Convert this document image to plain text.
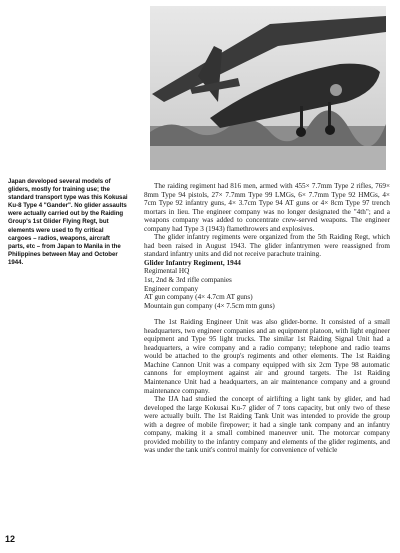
Japan developed several models of gliders, mostly for training use; the standard transport type was this Kokusai Ku-8 Type 4 "Gander". No glider assaults were actually carried out by the Raiding Group's 1st Glider Flying Regt, but elements were used to fly critical cargoes – radios, weapons, aircraft parts, etc – from Japan to Manila in the Philippines between May and October 1944.

The raiding regiment had 816 men, armed with 455× 7.7mm Type 2 rifles, 769× 8mm Type 94 pistols, 27× 7.7mm Type 99 LMGs, 6× 7.7mm Type 92 HMGs, 4× 7cm Type 92 infantry guns, 4× 3.7cm Type 94 AT guns or 4× 8cm Type 97 trench mortars in lieu. The engineer company was no longer designated the "4th"; and a weapons company was added to concentrate crew-served weapons. The engineer company had Type 3 (1943) flamethrowers and explosives.

The glider infantry regiments were organized from the 5th Raiding Regt, which had been raised in August 1943. The glider infantrymen were reassigned from standard infantry units and did not receive parachute training.

Glider Infantry Regiment, 1944
Regimental HQ
1st, 2nd & 3rd rifle companies
Engineer company
AT gun company (4× 4.7cm AT guns)
Mountain gun company (4× 7.5cm mtn guns)

The 1st Raiding Engineer Unit was also glider-borne. It consisted of a small headquarters, two engineer companies and an equipment platoon, with light engineer equipment and Type 95 light trucks. The similar 1st Raiding Signal Unit had a headquarters, a wire company and a radio company; telephone and radio teams would be attached to the group's regiments and other elements. The 1st Raiding Machine Cannon Unit was a company equipped with six 2cm Type 98 automatic cannons for employment against air and ground targets. The 1st Raiding Maintenance Unit had a headquarters, an air maintenance company and a ground maintenance company.

The IJA had studied the concept of airlifting a light tank by glider, and had developed the large Kokusai Ku-7 glider of 7 tons capacity, but only two of these were actually built. The 1st Raiding Tank Unit was intended to provide the group with a degree of mobile firepower; it had a single tank company and an infantry company, making it a small combined maneuver unit. The motorcar company provided mobility to the infantry company and elements of the glider regiments, and was under the tank unit's control mainly for convenience of vehicle

12
